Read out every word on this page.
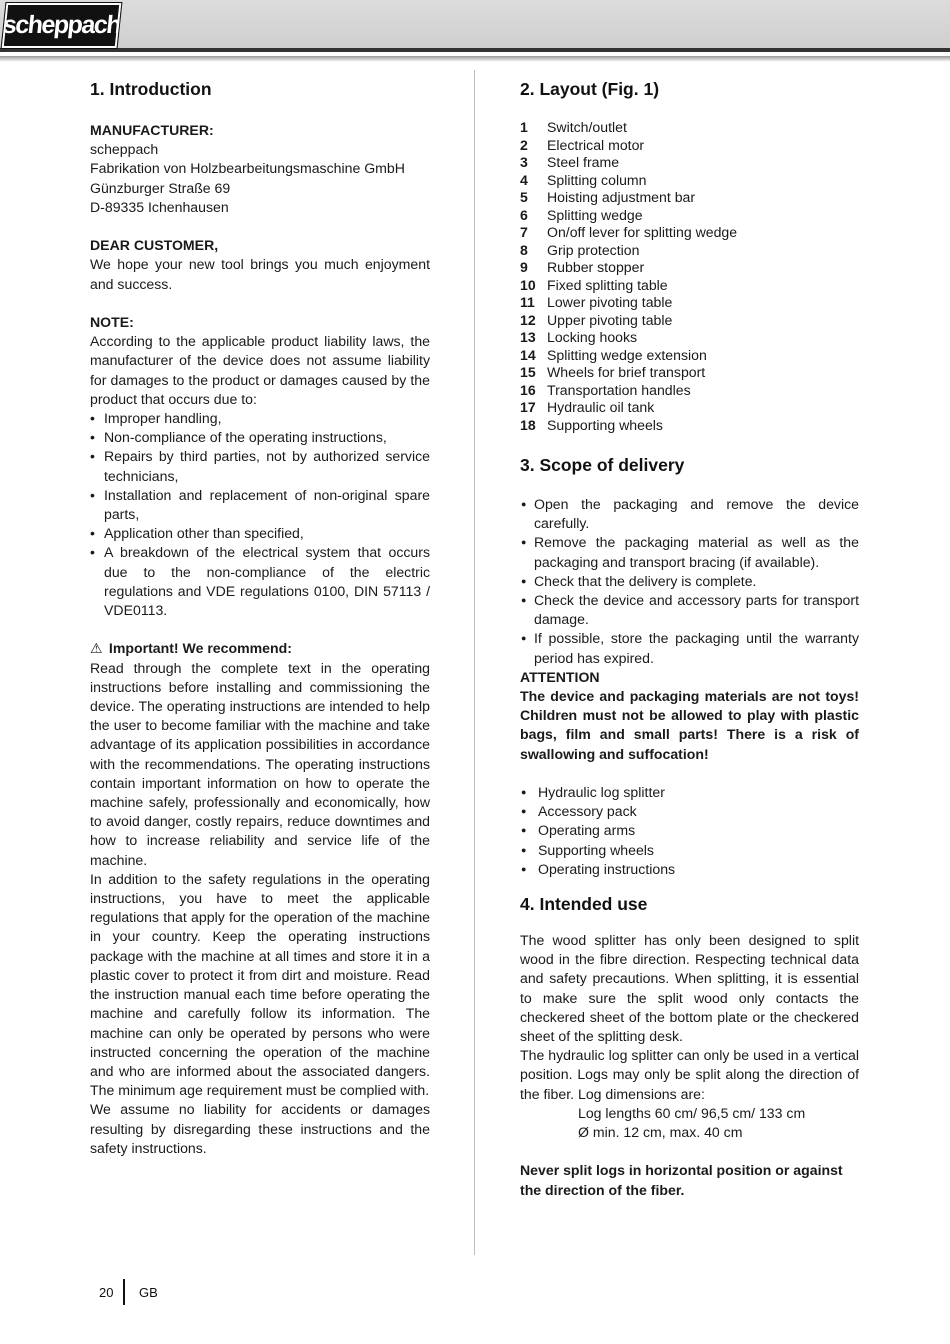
scheppach
1. Introduction
MANUFACTURER:
scheppach
Fabrikation von Holzbearbeitungsmaschine GmbH
Günzburger Straße 69
D-89335 Ichenhausen
DEAR CUSTOMER,

We hope your new tool brings you much enjoyment and success.

NOTE:

According to the applicable product liability laws, the manufacturer of the device does not assume liability for damages to the product or damages caused by the product that occurs due to:

• Improper handling,
• Non-compliance of the operating instructions,
• Repairs by third parties, not by authorized service technicians,
• Installation and replacement of non-original spare parts,
• Application other than specified,
• A breakdown of the electrical system that occurs due to the non-compliance of the electric regulations and VDE regulations 0100, DIN 57113 / VDE0113.
⚠ Important! We recommend:

Read through the complete text in the operating instructions before installing and commissioning the device. The operating instructions are intended to help the user to become familiar with the machine and take advantage of its application possibilities in accordance with the recommendations. The operating instructions contain important information on how to operate the machine safely, professionally and economically, how to avoid danger, costly repairs, reduce downtimes and how to increase reliability and service life of the machine.

In addition to the safety regulations in the operating instructions, you have to meet the applicable regulations that apply for the operation of the machine in your country. Keep the operating instructions package with the machine at all times and store it in a plastic cover to protect it from dirt and moisture. Read the instruction manual each time before operating the machine and carefully follow its information. The machine can only be operated by persons who were instructed concerning the operation of the machine and who are informed about the associated dangers. The minimum age requirement must be complied with.

We assume no liability for accidents or damages resulting by disregarding these instructions and the safety instructions.

2. Layout (Fig. 1)
1	Switch/outlet
2	Electrical motor
3	Steel frame
4	Splitting column
5	Hoisting adjustment bar
6	Splitting wedge
7	On/off lever for splitting wedge
8	Grip protection
9	Rubber stopper
10 Fixed splitting table
11 Lower pivoting table
12 Upper pivoting table
13 Locking hooks
14 Splitting wedge extension
15 Wheels for brief transport
16 Transportation handles
17 Hydraulic oil tank
18 Supporting wheels
3. Scope of delivery
● Open the packaging and remove the device carefully.
● Remove the packaging material as well as the packaging and transport bracing (if available).
● Check that the delivery is complete.
● Check the device and accessory parts for transport damage.
● If possible, store the packaging until the warranty period has expired.
ATTENTION

The device and packaging materials are not toys! Children must not be allowed to play with plastic bags, film and small parts! There is a risk of swallowing and suffocation!

● Hydraulic log splitter
● Accessory pack
● Operating arms
● Supporting wheels
● Operating instructions
4. Intended use

The wood splitter has only been designed to split wood in the fibre direction. Respecting technical data and safety precautions. When splitting, it is essential to make sure the split wood only contacts the checkered sheet of the bottom plate or the checkered sheet of the splitting desk.

The hydraulic log splitter can only be used in a vertical position. Logs may only be split along the direction of the fiber. Log dimensions are:

Log lengths 60 cm/ 96,5 cm/ 133 cm
Ø min. 12 cm, max. 40 cm

Never split logs in horizontal position or against the direction of the fiber.

20 GB
